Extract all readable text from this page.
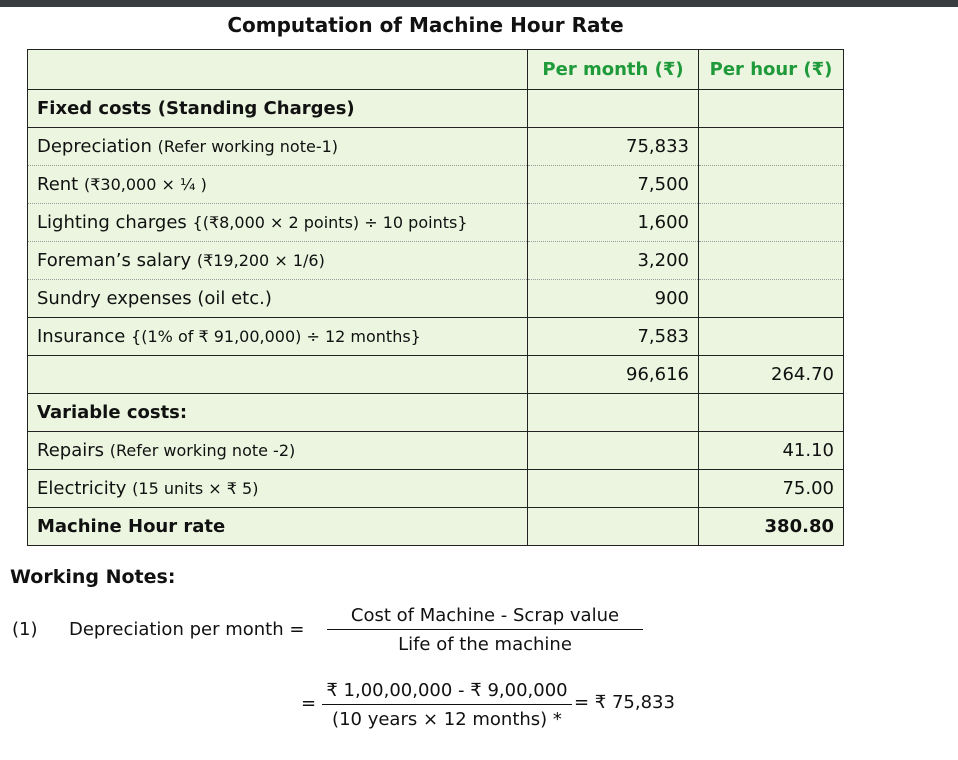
Computation of Machine Hour Rate
	Per month (₹)	Per hour (₹)
Fixed costs (Standing Charges)		
Depreciation (Refer working note-1)	75,833	
Rent (₹30,000 × ¼ )	7,500	
Lighting charges {(₹8,000 × 2 points) ÷ 10 points}	1,600	
Foreman’s salary (₹19,200 × 1/6)	3,200	
Sundry expenses (oil etc.)	900	
Insurance {(1% of ₹ 91,00,000) ÷ 12 months}	7,583	
	96,616	264.70
Variable costs:		
Repairs (Refer working note -2)		41.10
Electricity (15 units × ₹ 5)		75.00
Machine Hour rate		380.80
Working Notes:
(1) Depreciation per month =
Cost of Machine - Scrap value
Life of the machine
=
₹ 1,00,00,000 - ₹ 9,00,000
(10 years × 12 months) *
= ₹ 75,833
